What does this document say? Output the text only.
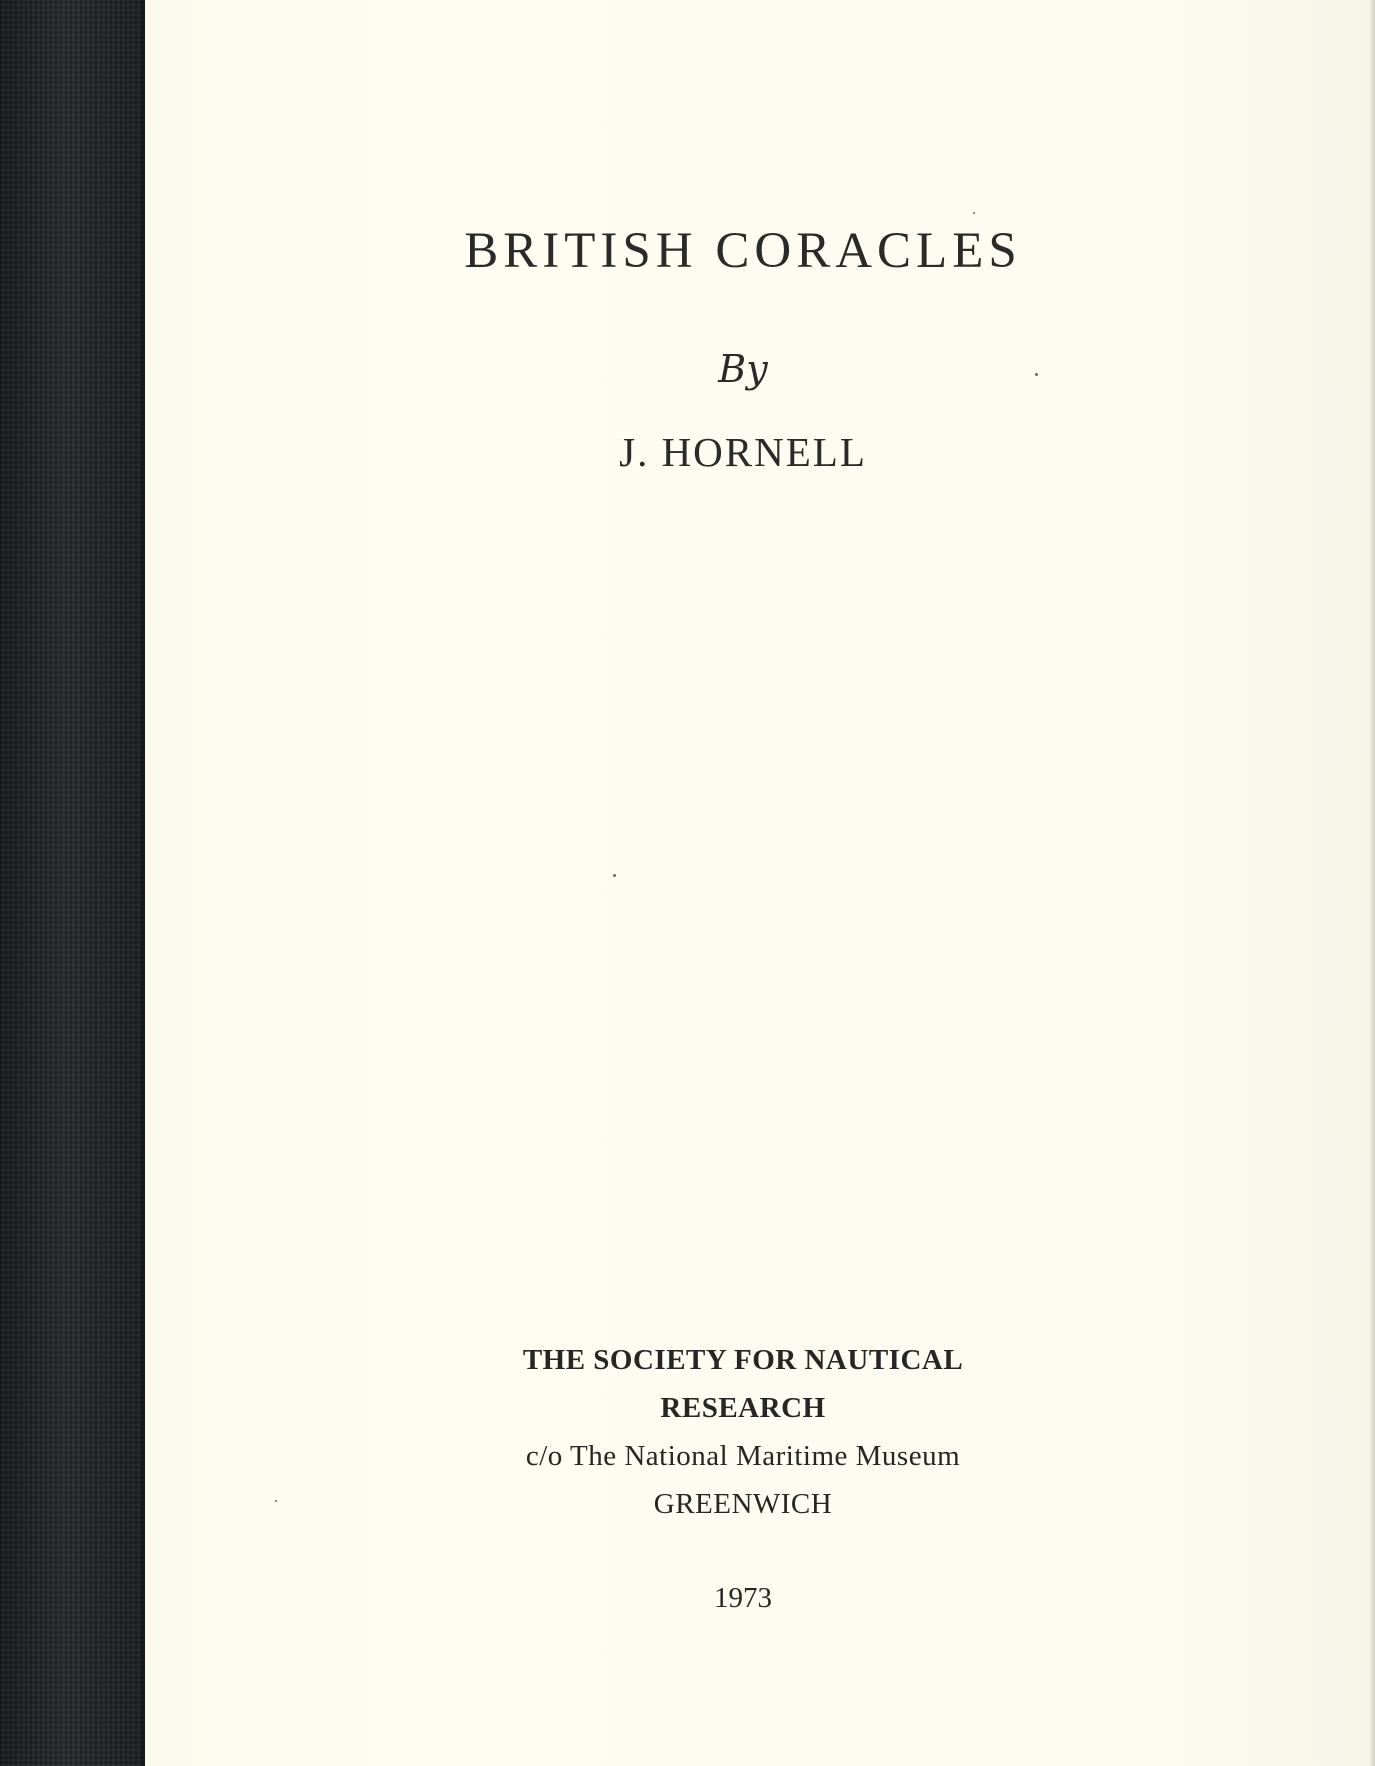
BRITISH CORACLES
By
J. HORNELL
THE SOCIETY FOR NAUTICAL
RESEARCH
c/o The National Maritime Museum
GREENWICH
1973
